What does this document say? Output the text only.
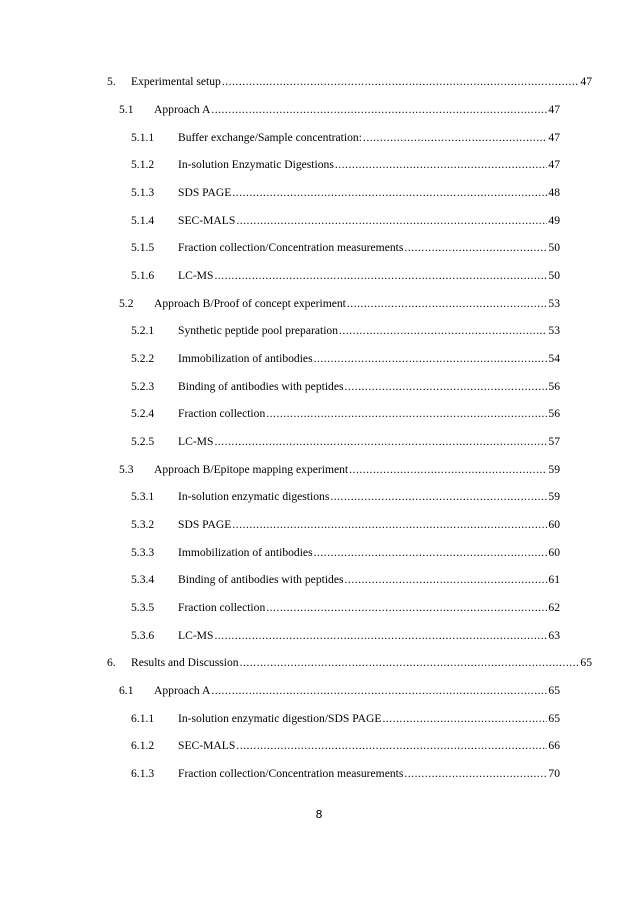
5.	Experimental setup .....	47
5.1	Approach A .....	47
5.1.1	Buffer exchange/Sample concentration: .....	47
5.1.2	In-solution Enzymatic Digestions .....	47
5.1.3	SDS PAGE .....	48
5.1.4	SEC-MALS .....	49
5.1.5	Fraction collection/Concentration measurements .....	50
5.1.6	LC-MS .....	50
5.2	Approach B/Proof of concept experiment .....	53
5.2.1	Synthetic peptide pool preparation .....	53
5.2.2	Immobilization of antibodies .....	54
5.2.3	Binding of antibodies with peptides .....	56
5.2.4	Fraction collection .....	56
5.2.5	LC-MS .....	57
5.3	Approach B/Epitope mapping experiment .....	59
5.3.1	In-solution enzymatic digestions .....	59
5.3.2	SDS PAGE .....	60
5.3.3	Immobilization of antibodies .....	60
5.3.4	Binding of antibodies with peptides .....	61
5.3.5	Fraction collection .....	62
5.3.6	LC-MS .....	63
6.	Results and Discussion .....	65
6.1	Approach A .....	65
6.1.1	In-solution enzymatic digestion/SDS PAGE .....	65
6.1.2	SEC-MALS .....	66
6.1.3	Fraction collection/Concentration measurements .....	70
8
